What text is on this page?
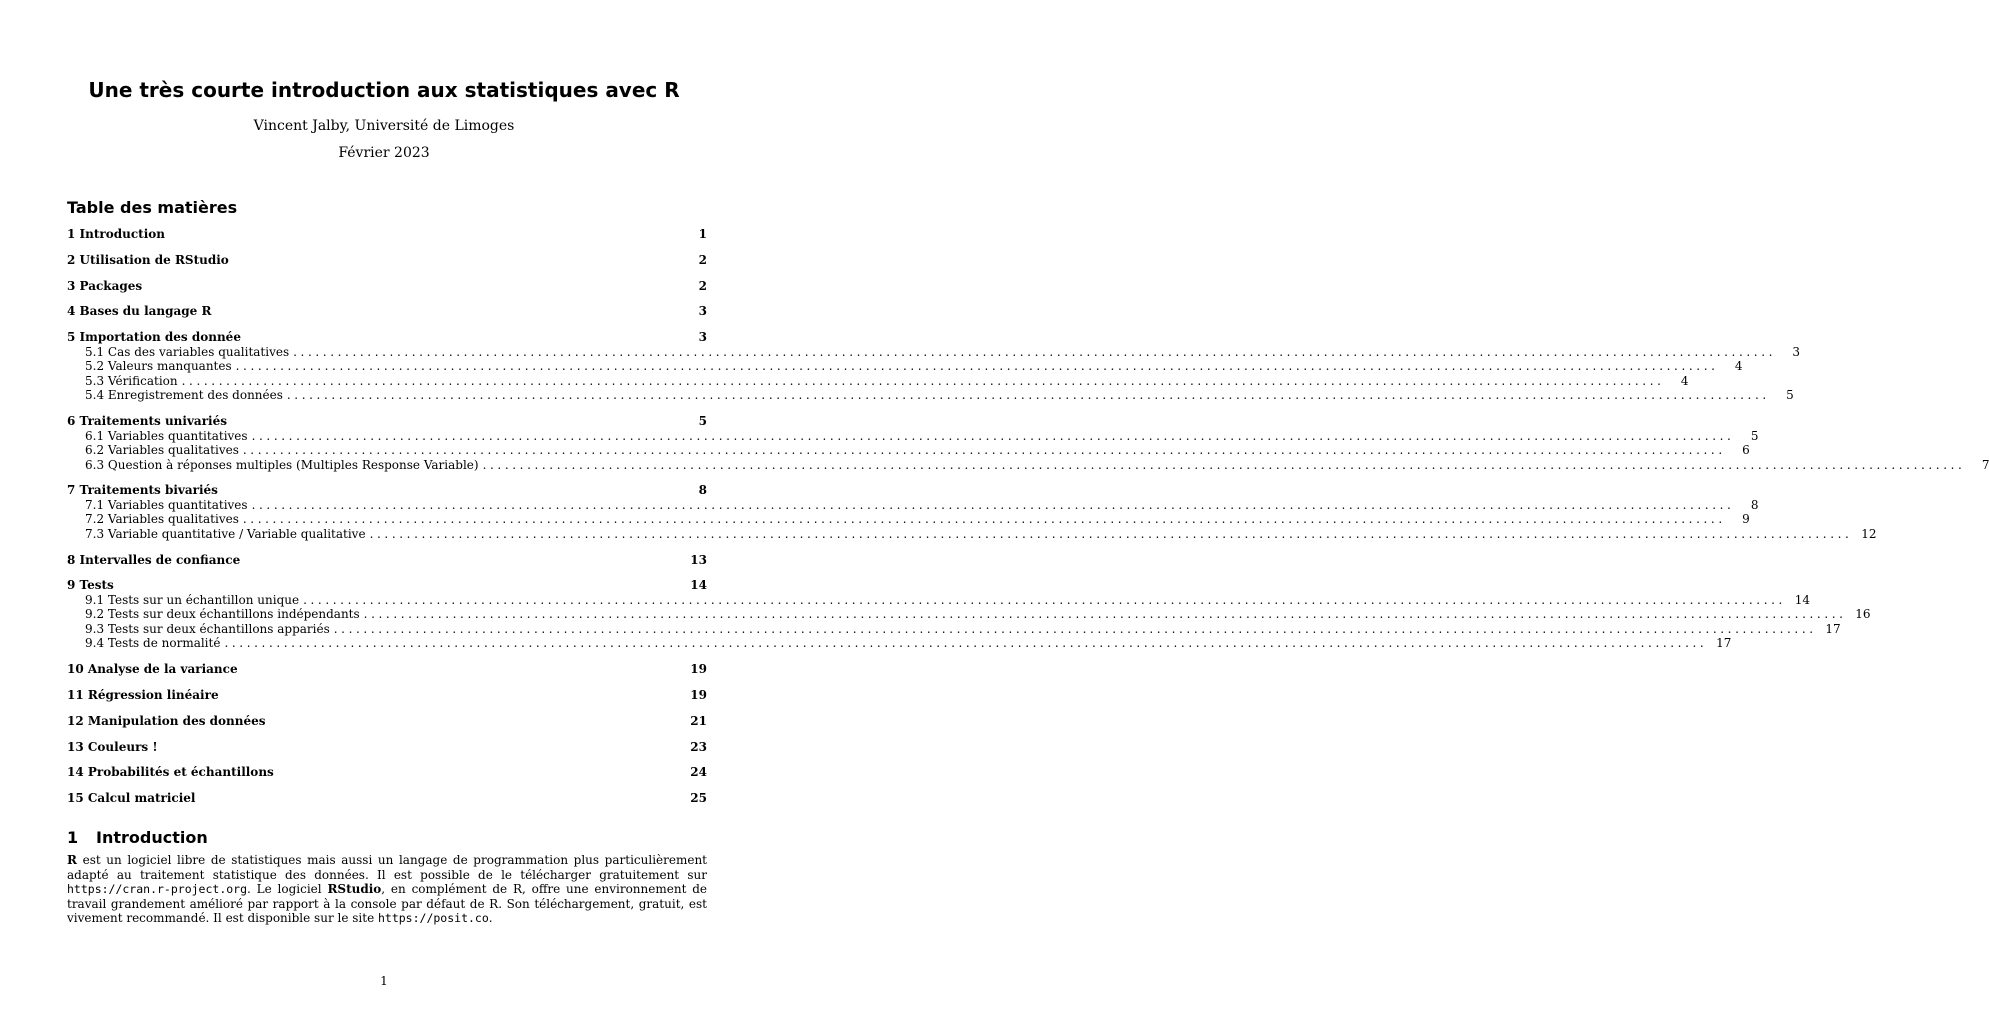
Une très courte introduction aux statistiques avec R
Vincent Jalby, Université de Limoges
Février 2023
Table des matières
1 Introduction	1
2 Utilisation de RStudio	2
3 Packages	2
4 Bases du langage R	3
5 Importation des donnée	3
5.1 Cas des variables qualitatives ........................................................................................................................................................................................................	3
5.2 Valeurs manquantes ........................................................................................................................................................................................................	4
5.3 Vérification ........................................................................................................................................................................................................	4
5.4 Enregistrement des données ........................................................................................................................................................................................................	5
6 Traitements univariés	5
6.1 Variables quantitatives ........................................................................................................................................................................................................	5
6.2 Variables qualitatives ........................................................................................................................................................................................................	6
6.3 Question à réponses multiples (Multiples Response Variable) ........................................................................................................................................................................................................	7
7 Traitements bivariés	8
7.1 Variables quantitatives ........................................................................................................................................................................................................	8
7.2 Variables qualitatives ........................................................................................................................................................................................................	9
7.3 Variable quantitative / Variable qualitative ........................................................................................................................................................................................................ 12
8 Intervalles de confiance	13
9 Tests	14
9.1 Tests sur un échantillon unique ........................................................................................................................................................................................................ 14
9.2 Tests sur deux échantillons indépendants ........................................................................................................................................................................................................ 16
9.3 Tests sur deux échantillons appariés ........................................................................................................................................................................................................ 17
9.4 Tests de normalité ........................................................................................................................................................................................................ 17
10 Analyse de la variance	19
11 Régression linéaire	19
12 Manipulation des données	21
13 Couleurs !	23
14 Probabilités et échantillons	24
15 Calcul matriciel	25
1 Introduction
R est un logiciel libre de statistiques mais aussi un langage de programmation plus particulièrement adapté au traitement statistique des données. Il est possible de le télécharger gratuitement sur https://cran.r-project.org. Le logiciel RStudio, en complément de R, offre une environnement de travail grandement amélioré par rapport à la console par défaut de R. Son téléchargement, gratuit, est vivement recommandé. Il est disponible sur le site https://posit.co.
1
